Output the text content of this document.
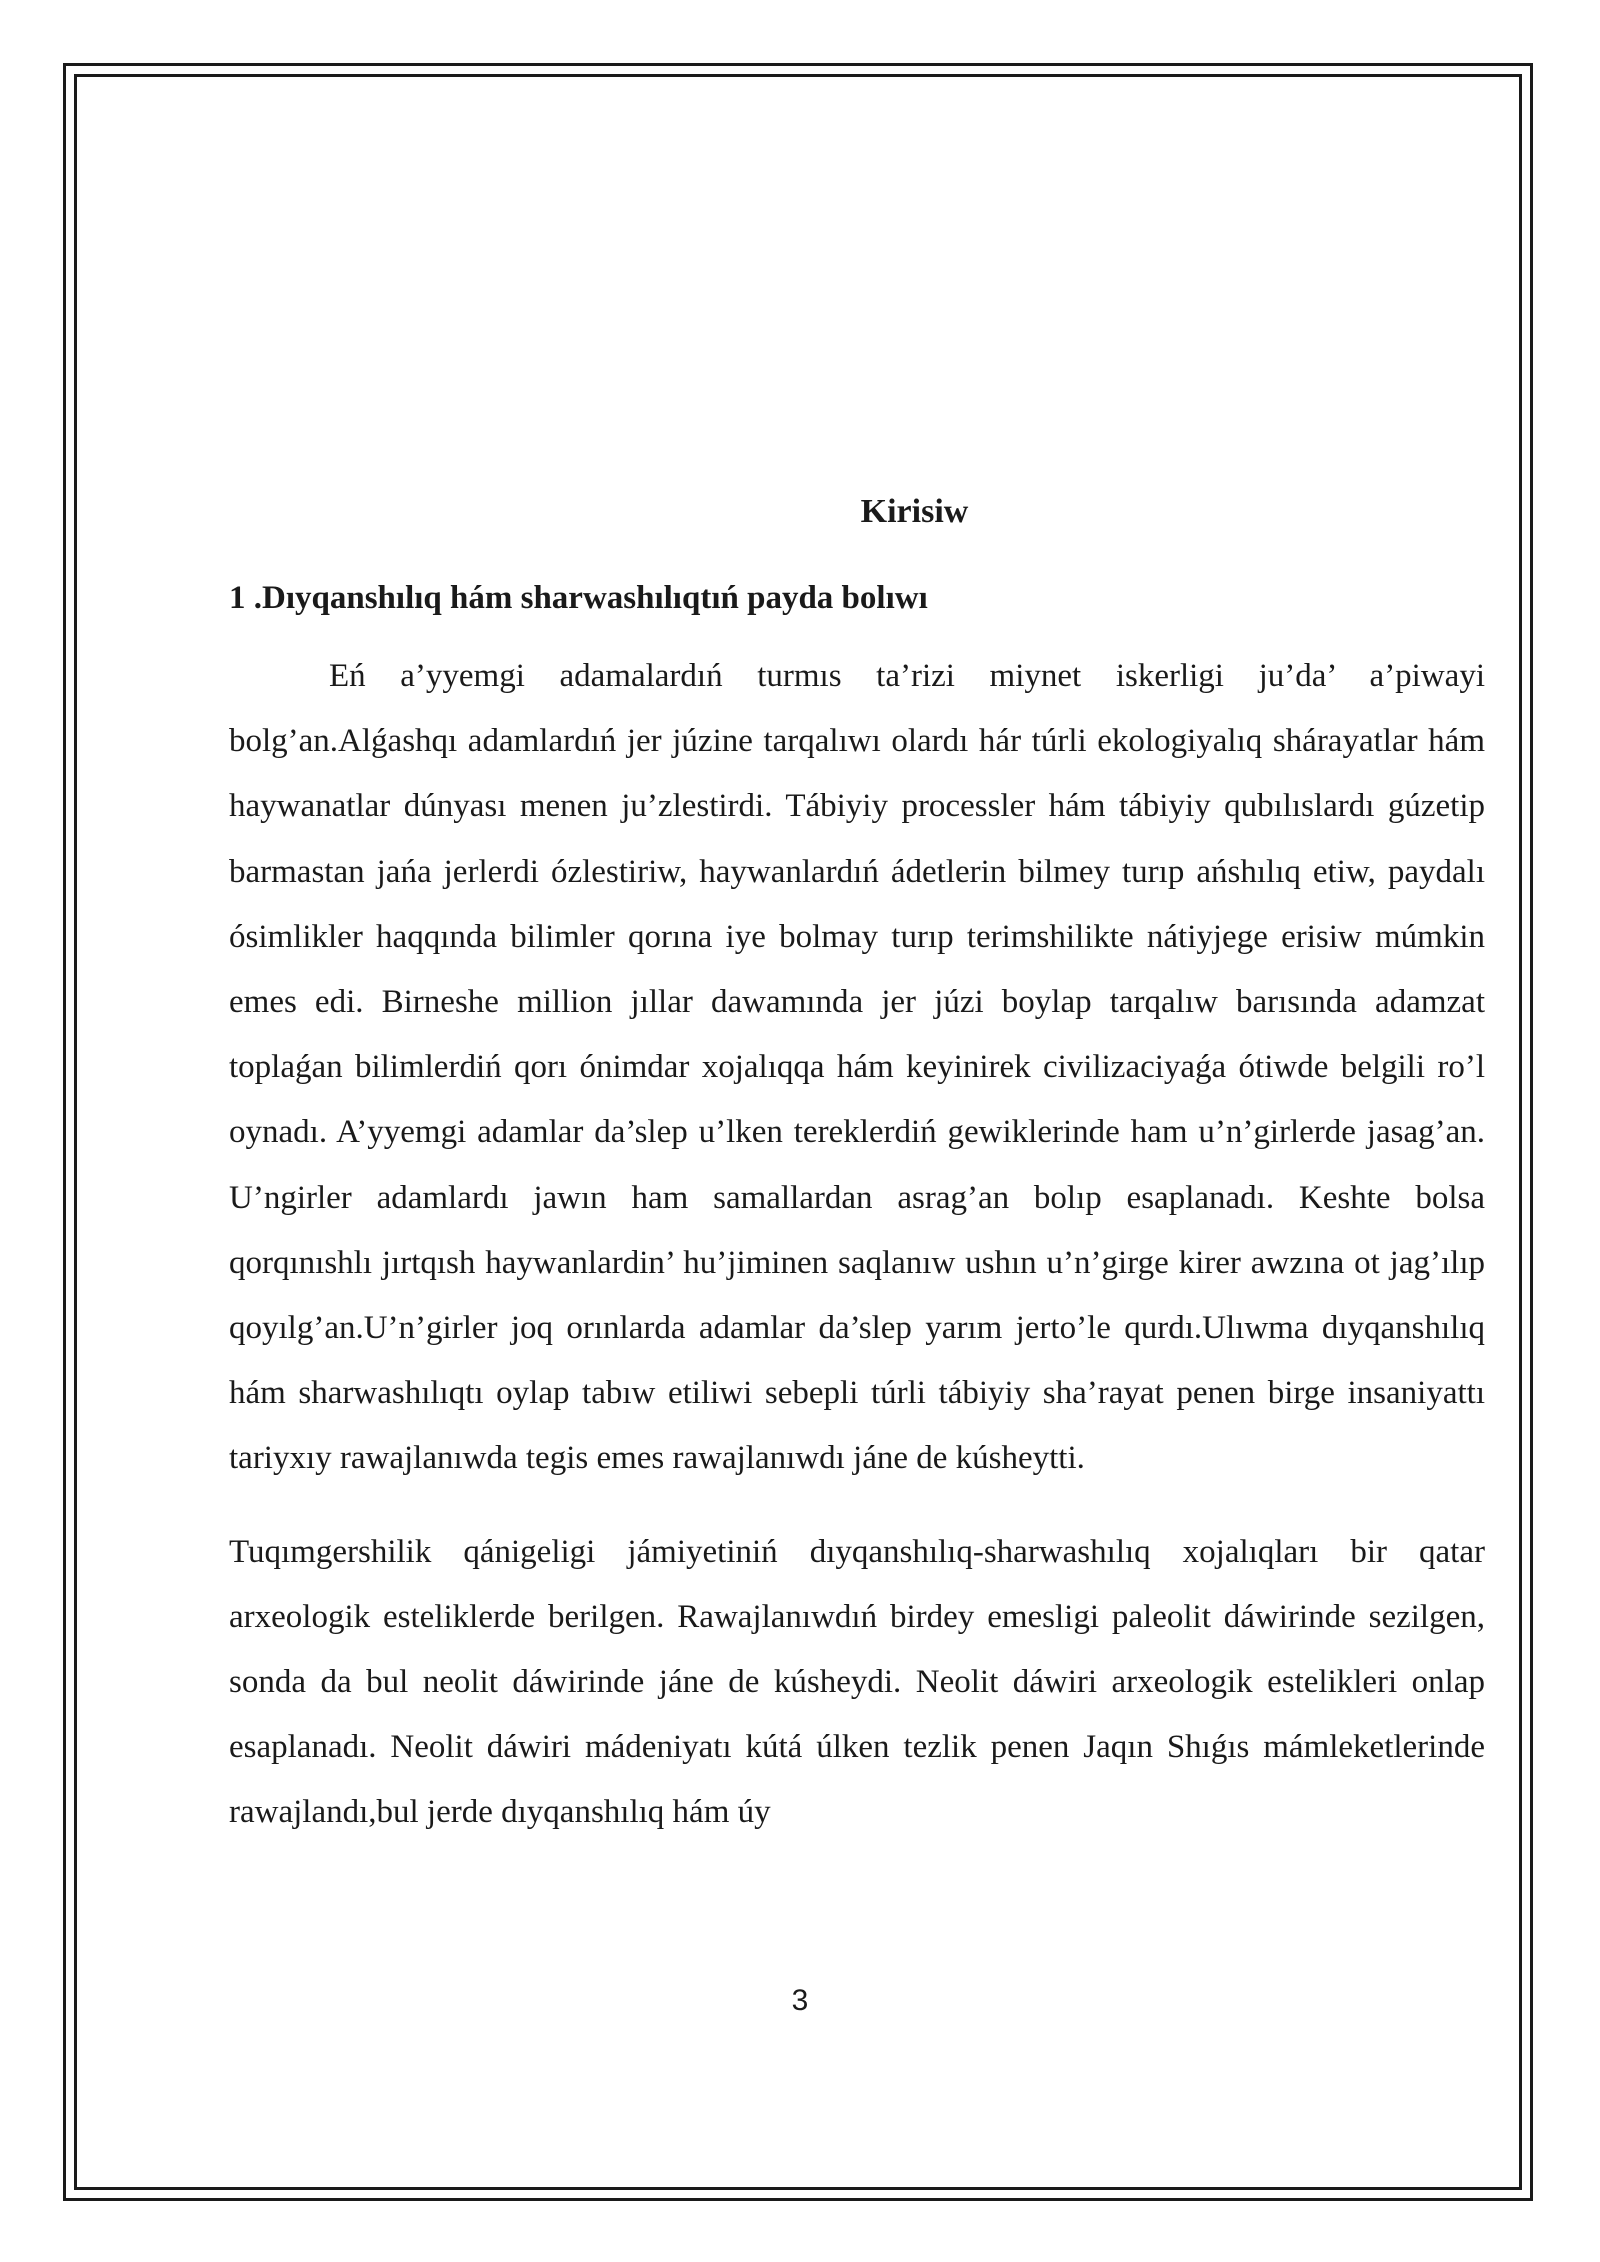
Kirisiw
1 .Dıyqanshılıq hám sharwashılıqtıń payda bolıwı

Eń a’yyemgi adamalardıń turmıs ta’rizi miynet iskerligi ju’da’ a’piwayi bolg’an.Alǵashqı adamlardıń jer júzine tarqalıwı olardı hár túrli ekologiyalıq shárayatlar hám haywanatlar dúnyası menen ju’zlestirdi. Tábiyiy processler hám tábiyiy qubılıslardı gúzetip barmastan jańa jerlerdi ózlestiriw, haywanlardıń ádetlerin bilmey turıp ańshılıq etiw, paydalı ósimlikler haqqında bilimler qorına iye bolmay turıp terimshilikte nátiyjege erisiw múmkin emes edi. Birneshe million jıllar dawamında jer júzi boylap tarqalıw barısında adamzat toplaǵan bilimlerdiń qorı ónimdar xojalıqqa hám keyinirek civilizaciyaǵa ótiwde belgili ro’l oynadı. A’yyemgi adamlar da’slep u’lken tereklerdiń gewiklerinde ham u’n’girlerde jasag’an. U’ngirler adamlardı jawın ham samallardan asrag’an bolıp esaplanadı. Keshte bolsa qorqınıshlı jırtqısh haywanlardin’ hu’jiminen saqlanıw ushın u’n’girge kirer awzına ot jag’ılıp qoyılg’an.U’n’girler joq orınlarda adamlar da’slep yarım jerto’le qurdı.Ulıwma dıyqanshılıq hám sharwashılıqtı oylap tabıw etiliwi sebepli túrli tábiyiy sha’rayat penen birge insaniyattı tariyxıy rawajlanıwda tegis emes rawajlanıwdı jáne de kúsheytti.

Tuqımgershilik qánigeligi jámiyetiniń dıyqanshılıq-sharwashılıq xojalıqları bir qatar arxeologik esteliklerde berilgen. Rawajlanıwdıń birdey emesligi paleolit dáwirinde sezilgen, sonda da bul neolit dáwirinde jáne de kúsheydi. Neolit dáwiri arxeologik estelikleri onlap esaplanadı. Neolit dáwiri mádeniyatı kútá úlken tezlik penen Jaqın Shıǵıs mámleketlerinde rawajlandı,bul jerde dıyqanshılıq hám úy

3
